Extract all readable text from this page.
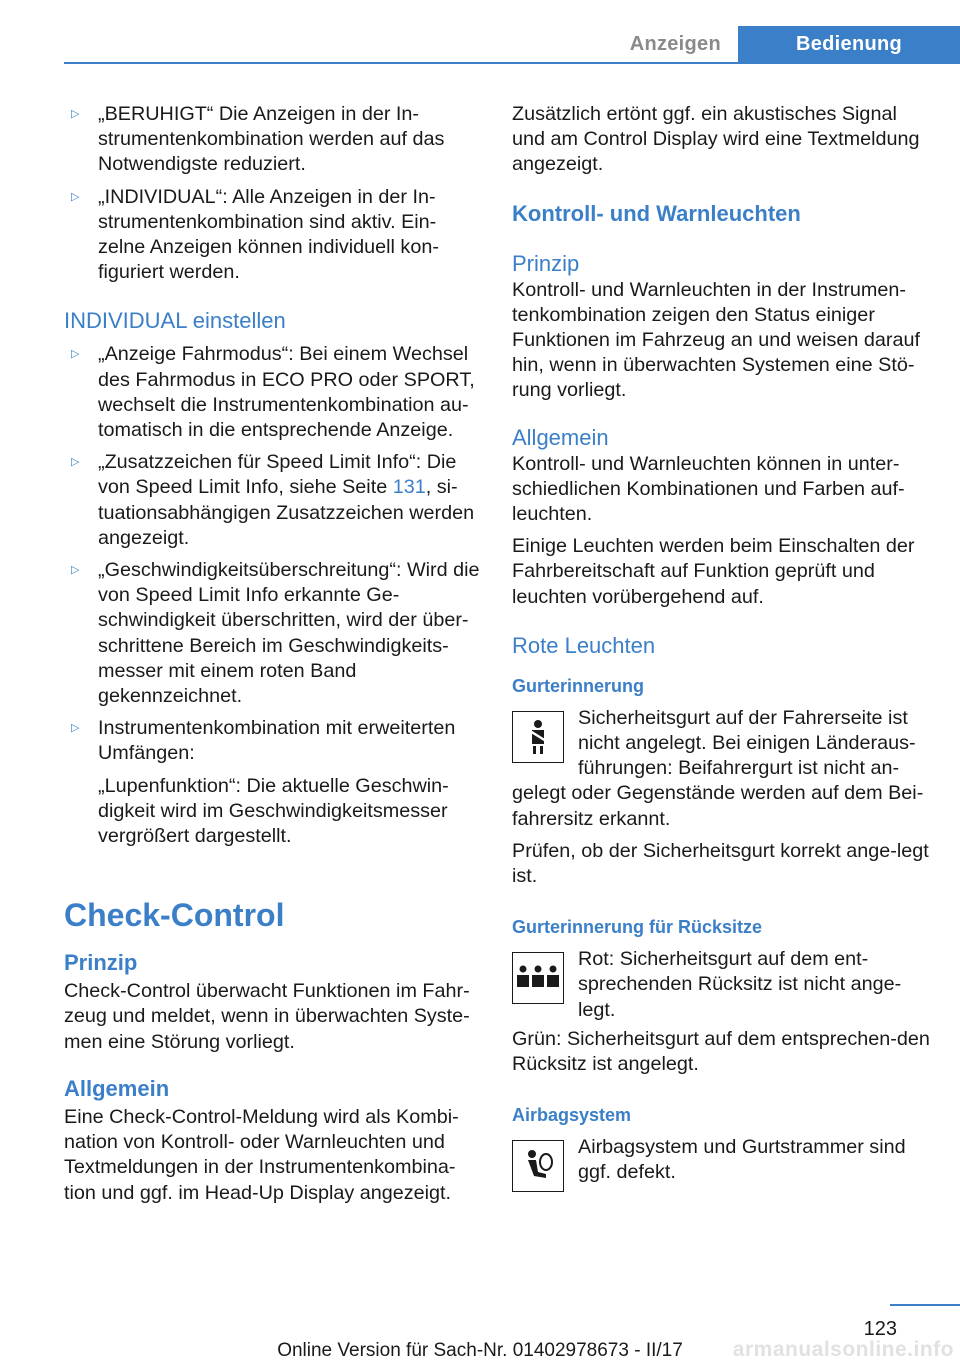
Anzeigen	Bedienung
▷ „BERUHIGT“ Die Anzeigen in der In-strumentenkombination werden auf das Notwendigste reduziert.

▷ „INDIVIDUAL“: Alle Anzeigen in der In-strumentenkombination sind aktiv. Ein-zelne Anzeigen können individuell kon-figuriert werden.

INDIVIDUAL einstellen
▷ „Anzeige Fahrmodus“: Bei einem Wechsel des Fahrmodus in ECO PRO oder SPORT, wechselt die Instrumentenkombination au-tomatisch in die entsprechende Anzeige.

▷ „Zusatzzeichen für Speed Limit Info“: Die von Speed Limit Info, siehe Seite 131, si-tuationsabhängigen Zusatzzeichen werden angezeigt.

▷ „Geschwindigkeitsüberschreitung“: Wird die von Speed Limit Info erkannte Ge-schwindigkeit überschritten, wird der über-schrittene Bereich im Geschwindigkeits-messer mit einem roten Band gekennzeichnet.

▷ Instrumentenkombination mit erweiterten Umfängen:

„Lupenfunktion“: Die aktuelle Geschwin-digkeit wird im Geschwindigkeitsmesser vergrößert dargestellt.

Check-Control
Prinzip

Check-Control überwacht Funktionen im Fahr-zeug und meldet, wenn in überwachten Syste-men eine Störung vorliegt.

Allgemein

Eine Check-Control-Meldung wird als Kombi-nation von Kontroll- oder Warnleuchten und Textmeldungen in der Instrumentenkombina-tion und ggf. im Head-Up Display angezeigt.

Zusätzlich ertönt ggf. ein akustisches Signal und am Control Display wird eine Textmeldung angezeigt.

Kontroll- und Warnleuchten
Prinzip

Kontroll- und Warnleuchten in der Instrumen-tenkombination zeigen den Status einiger Funktionen im Fahrzeug an und weisen darauf hin, wenn in überwachten Systemen eine Stö-rung vorliegt.

Allgemein

Kontroll- und Warnleuchten können in unter-schiedlichen Kombinationen und Farben auf-leuchten.

Einige Leuchten werden beim Einschalten der Fahrbereitschaft auf Funktion geprüft und leuchten vorübergehend auf.

Rote Leuchten
Gurterinnerung

Sicherheitsgurt auf der Fahrerseite ist nicht angelegt. Bei einigen Länderaus-führungen: Beifahrergurt ist nicht an-

gelegt oder Gegenstände werden auf dem Bei-fahrersitz erkannt.

Prüfen, ob der Sicherheitsgurt korrekt ange-legt ist.

Gurterinnerung für Rücksitze

Rot: Sicherheitsgurt auf dem ent-sprechenden Rücksitz ist nicht ange-legt.

Grün: Sicherheitsgurt auf dem entsprechen-den Rücksitz ist angelegt.

Airbagsystem

Airbagsystem und Gurtstrammer sind ggf. defekt.

123
Online Version für Sach-Nr. 01402978673 - II/17	armanualsonline.info
